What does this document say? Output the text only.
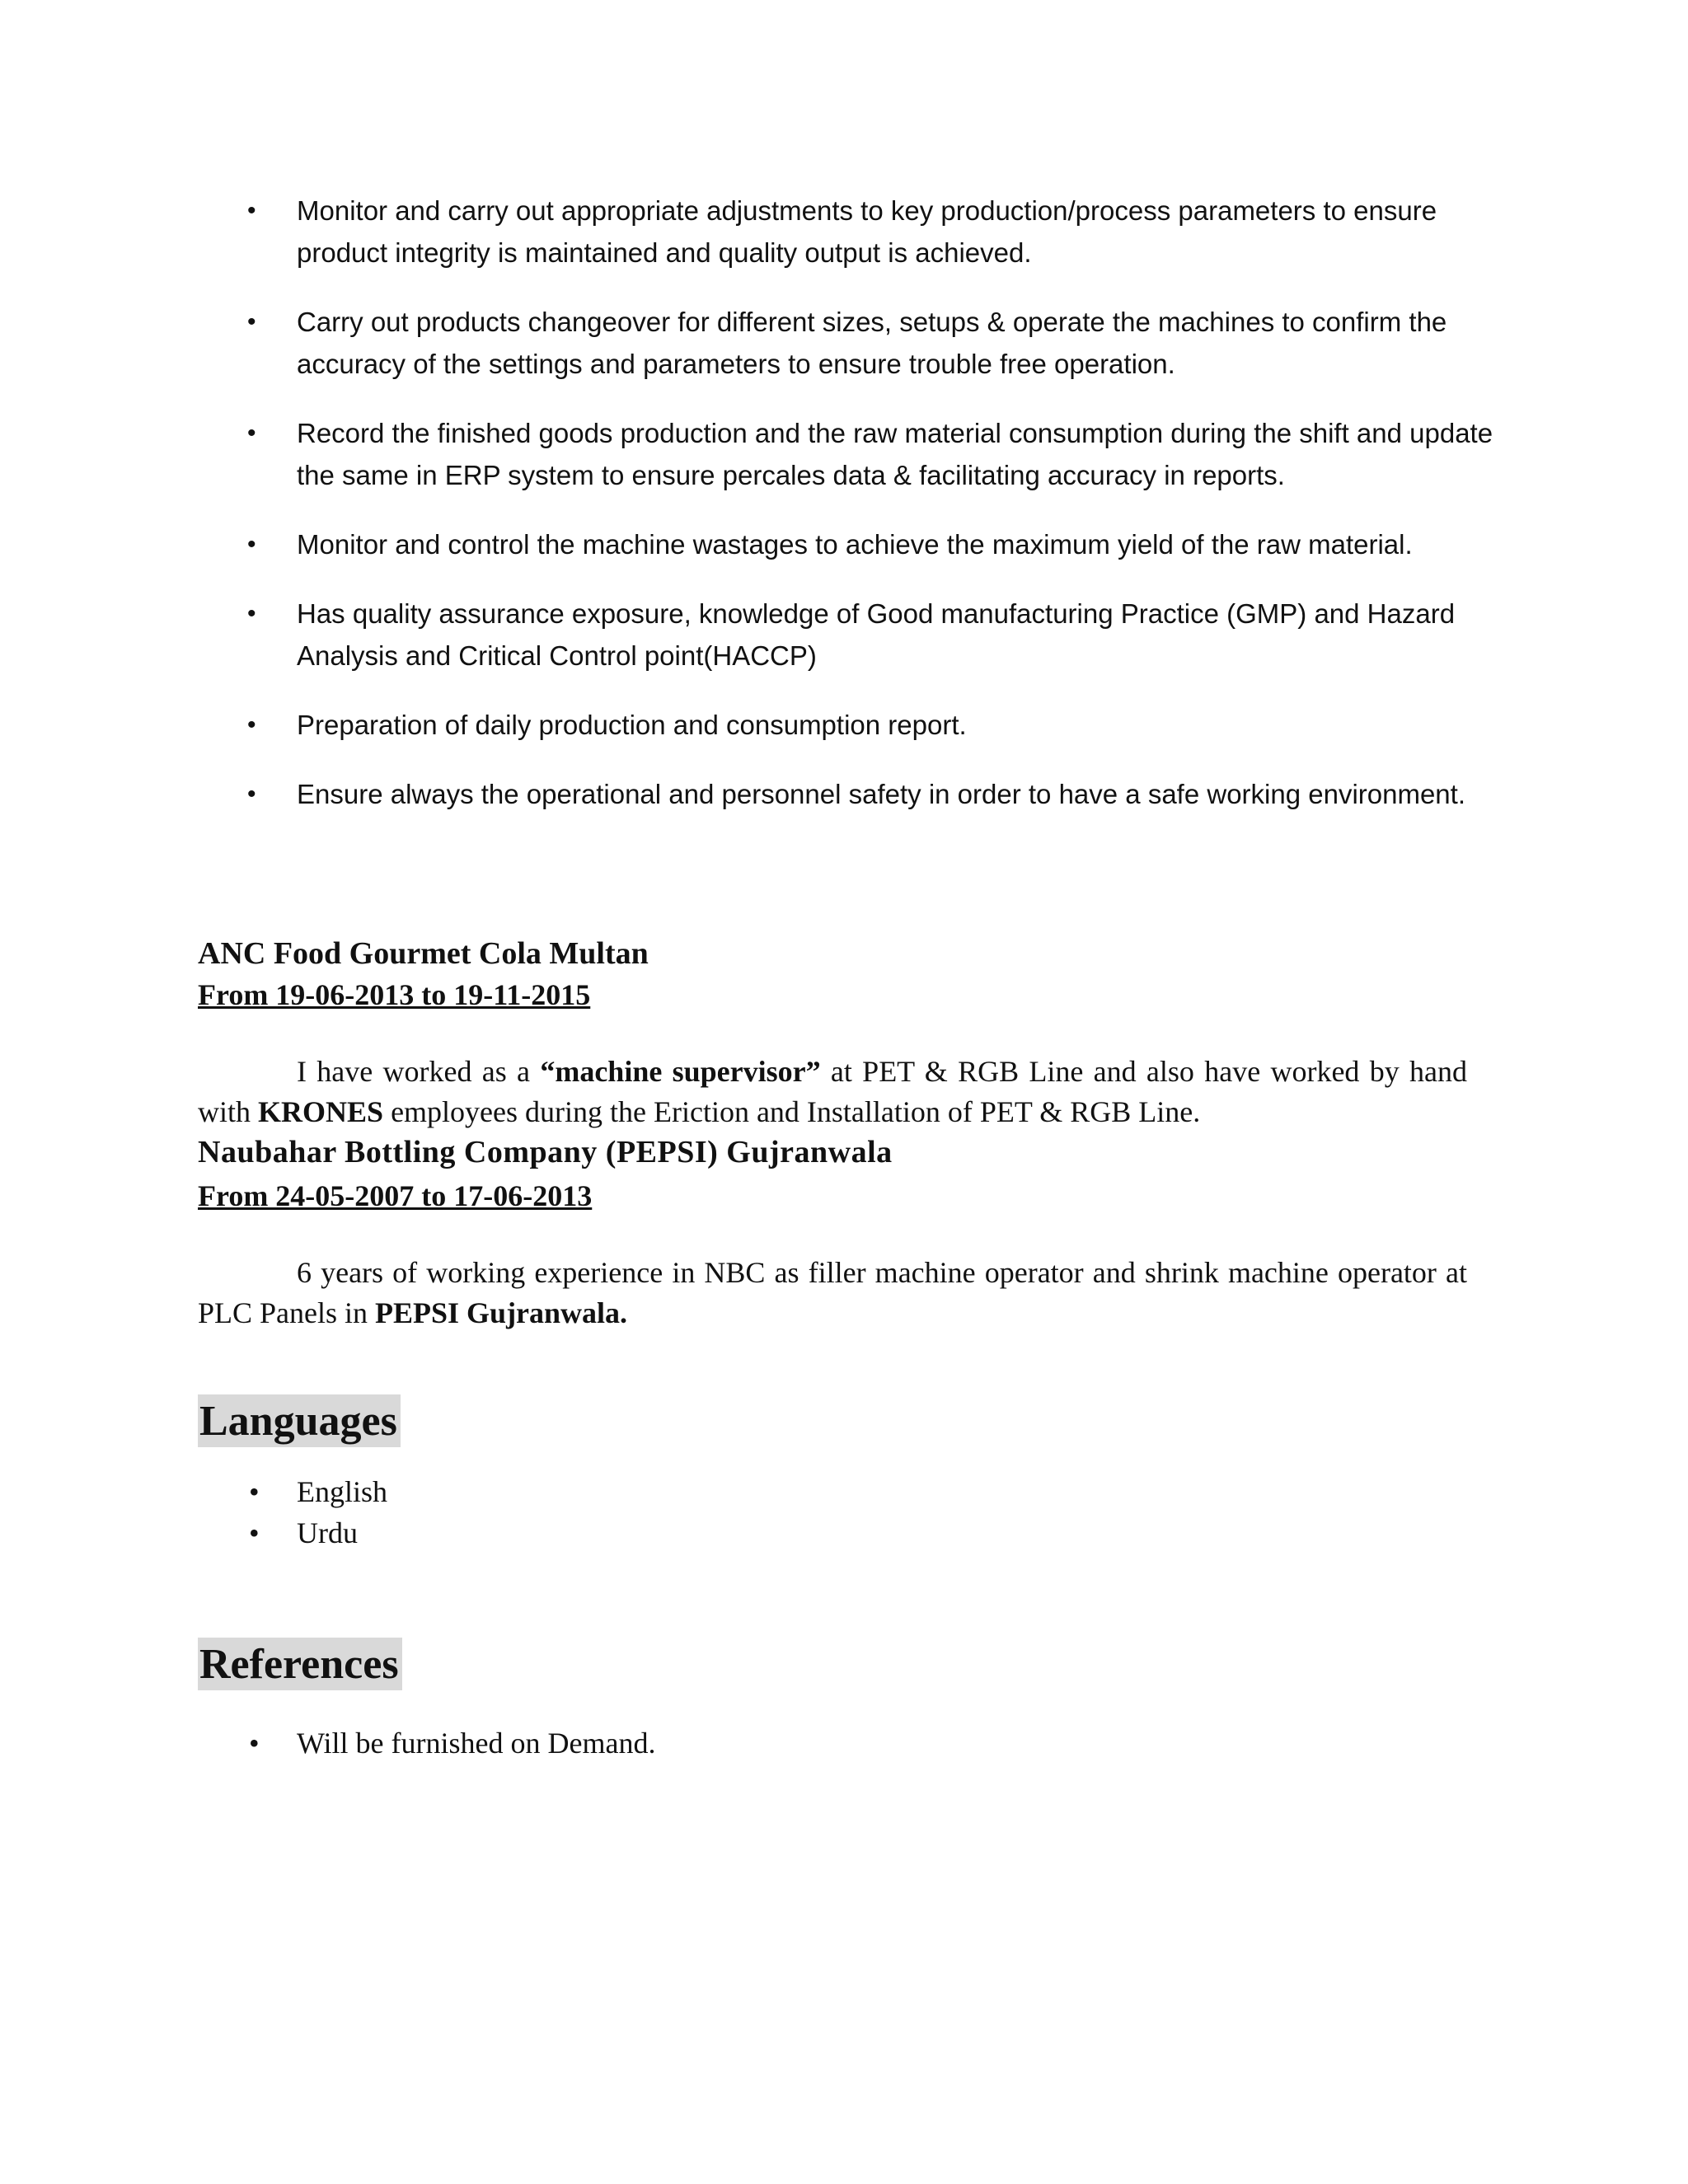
• Monitor and carry out appropriate adjustments to key production/process parameters to ensure product integrity is maintained and quality output is achieved.
• Carry out products changeover for different sizes, setups & operate the machines to confirm the accuracy of the settings and parameters to ensure trouble free operation.
• Record the finished goods production and the raw material consumption during the shift and update the same in ERP system to ensure percales data & facilitating accuracy in reports.
• Monitor and control the machine wastages to achieve the maximum yield of the raw material.
• Has quality assurance exposure, knowledge of Good manufacturing Practice (GMP) and Hazard Analysis and Critical Control point(HACCP)
• Preparation of daily production and consumption report.
• Ensure always the operational and personnel safety in order to have a safe working environment.

ANC Food Gourmet Cola Multan

From 19-06-2013 to 19-11-2015

I have worked as a “machine supervisor” at PET & RGB Line and also have worked by hand with KRONES employees during the Eriction and Installation of PET & RGB Line.

Naubahar Bottling Company (PEPSI) Gujranwala

From 24-05-2007 to 17-06-2013

6 years of working experience in NBC as filler machine operator and shrink machine operator at PLC Panels in PEPSI Gujranwala.

Languages
• English
• Urdu
References
• Will be furnished on Demand.
